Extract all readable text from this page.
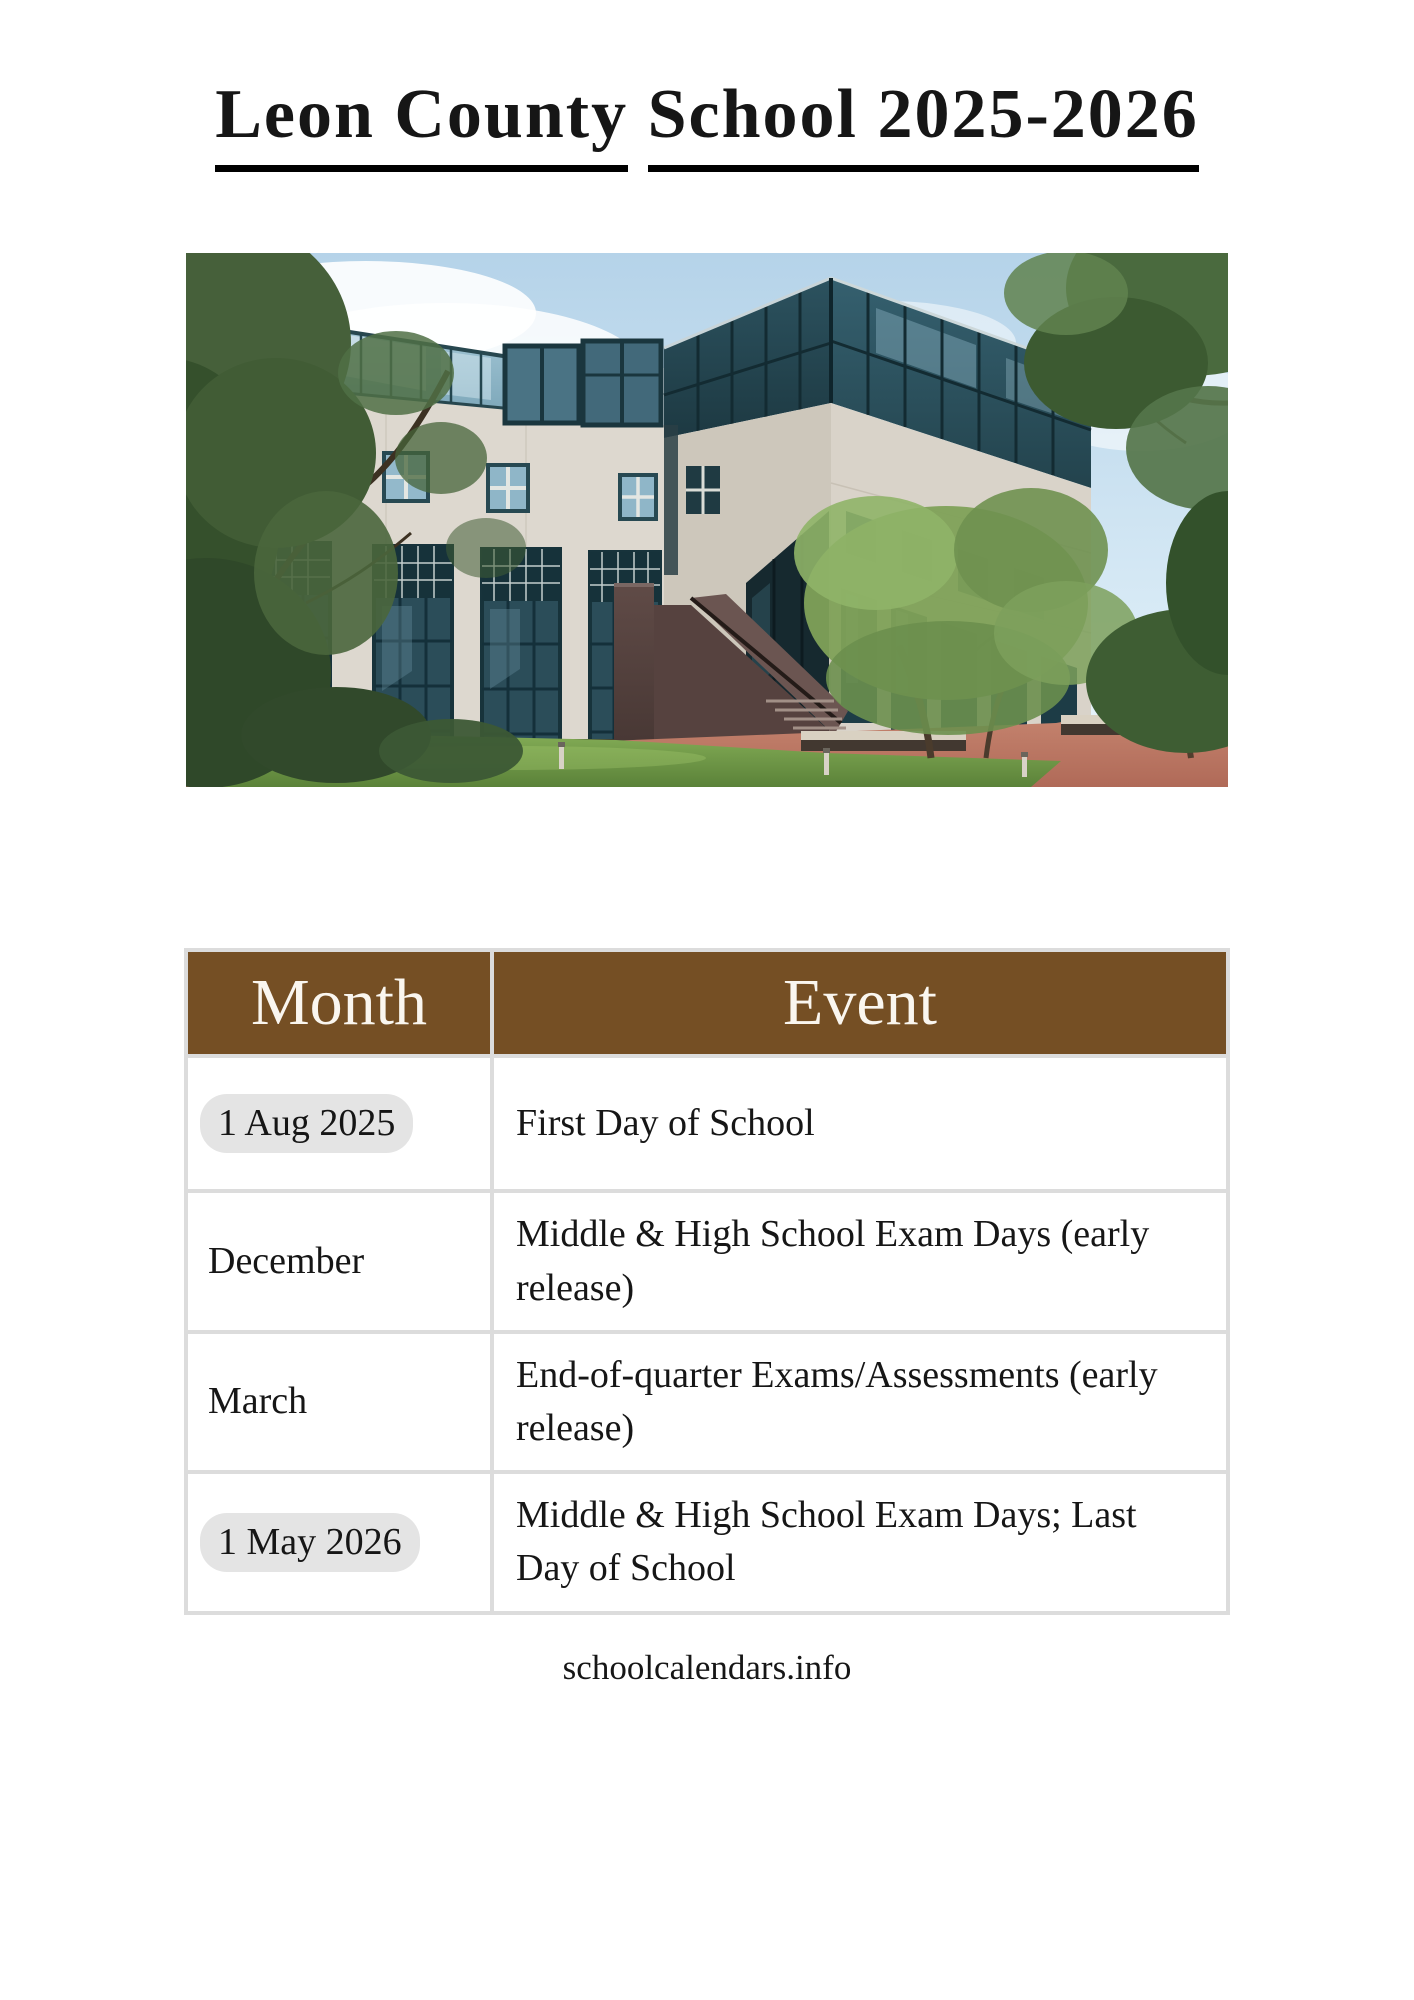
Leon County School 2025-2026
Month	Event
1 Aug 2025	First Day of School
December	Middle & High School Exam Days (early release)
March	End-of-quarter Exams/Assessments (early release)
1 May 2026	Middle & High School Exam Days; Last Day of School
schoolcalendars.info
